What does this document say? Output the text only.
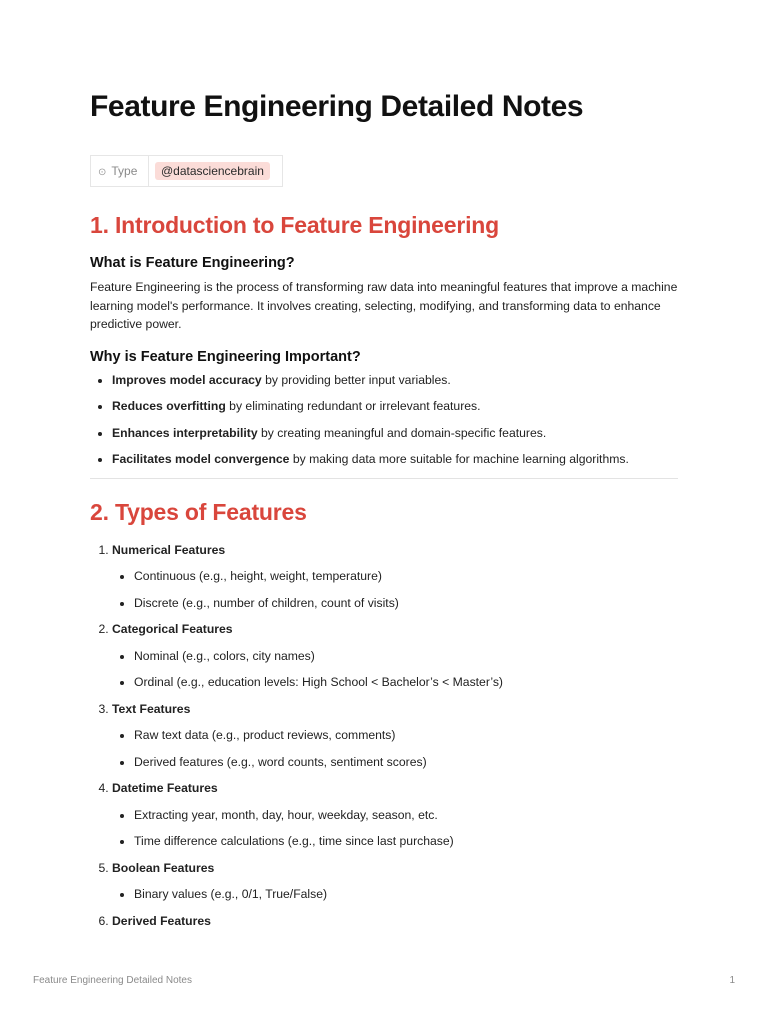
Feature Engineering Detailed Notes
⊙ Type	@datasciencebrain
1. Introduction to Feature Engineering
What is Feature Engineering?

Feature Engineering is the process of transforming raw data into meaningful features that improve a machine learning model's performance. It involves creating, selecting, modifying, and transforming data to enhance predictive power.

Why is Feature Engineering Important?
• Improves model accuracy by providing better input variables.
• Reduces overfitting by eliminating redundant or irrelevant features.
• Enhances interpretability by creating meaningful and domain-specific features.
• Facilitates model convergence by making data more suitable for machine learning algorithms.
2. Types of Features
1. Numerical Features
• Continuous (e.g., height, weight, temperature)
• Discrete (e.g., number of children, count of visits)
2. Categorical Features
• Nominal (e.g., colors, city names)
• Ordinal (e.g., education levels: High School < Bachelor’s < Master’s)
3. Text Features
• Raw text data (e.g., product reviews, comments)
• Derived features (e.g., word counts, sentiment scores)
4. Datetime Features
• Extracting year, month, day, hour, weekday, season, etc.
• Time difference calculations (e.g., time since last purchase)
5. Boolean Features
• Binary values (e.g., 0/1, True/False)
6. Derived Features
Feature Engineering Detailed Notes	1
